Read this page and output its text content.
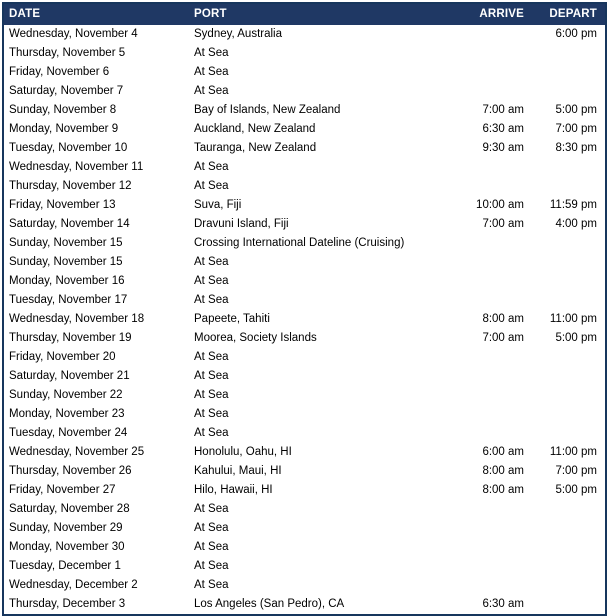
DATE	PORT	ARRIVE	DEPART
Wednesday, November 4	Sydney, Australia		6:00 pm
Thursday, November 5	At Sea		
Friday, November 6	At Sea		
Saturday, November 7	At Sea		
Sunday, November 8	Bay of Islands, New Zealand	7:00 am	5:00 pm
Monday, November 9	Auckland, New Zealand	6:30 am	7:00 pm
Tuesday, November 10	Tauranga, New Zealand	9:30 am	8:30 pm
Wednesday, November 11	At Sea		
Thursday, November 12	At Sea		
Friday, November 13	Suva, Fiji	10:00 am	11:59 pm
Saturday, November 14	Dravuni Island, Fiji	7:00 am	4:00 pm
Sunday, November 15	Crossing International Dateline (Cruising)		
Sunday, November 15	At Sea		
Monday, November 16	At Sea		
Tuesday, November 17	At Sea		
Wednesday, November 18	Papeete, Tahiti	8:00 am	11:00 pm
Thursday, November 19	Moorea, Society Islands	7:00 am	5:00 pm
Friday, November 20	At Sea		
Saturday, November 21	At Sea		
Sunday, November 22	At Sea		
Monday, November 23	At Sea		
Tuesday, November 24	At Sea		
Wednesday, November 25	Honolulu, Oahu, HI	6:00 am	11:00 pm
Thursday, November 26	Kahului, Maui, HI	8:00 am	7:00 pm
Friday, November 27	Hilo, Hawaii, HI	8:00 am	5:00 pm
Saturday, November 28	At Sea		
Sunday, November 29	At Sea		
Monday, November 30	At Sea		
Tuesday, December 1	At Sea		
Wednesday, December 2	At Sea		
Thursday, December 3	Los Angeles (San Pedro), CA	6:30 am	
